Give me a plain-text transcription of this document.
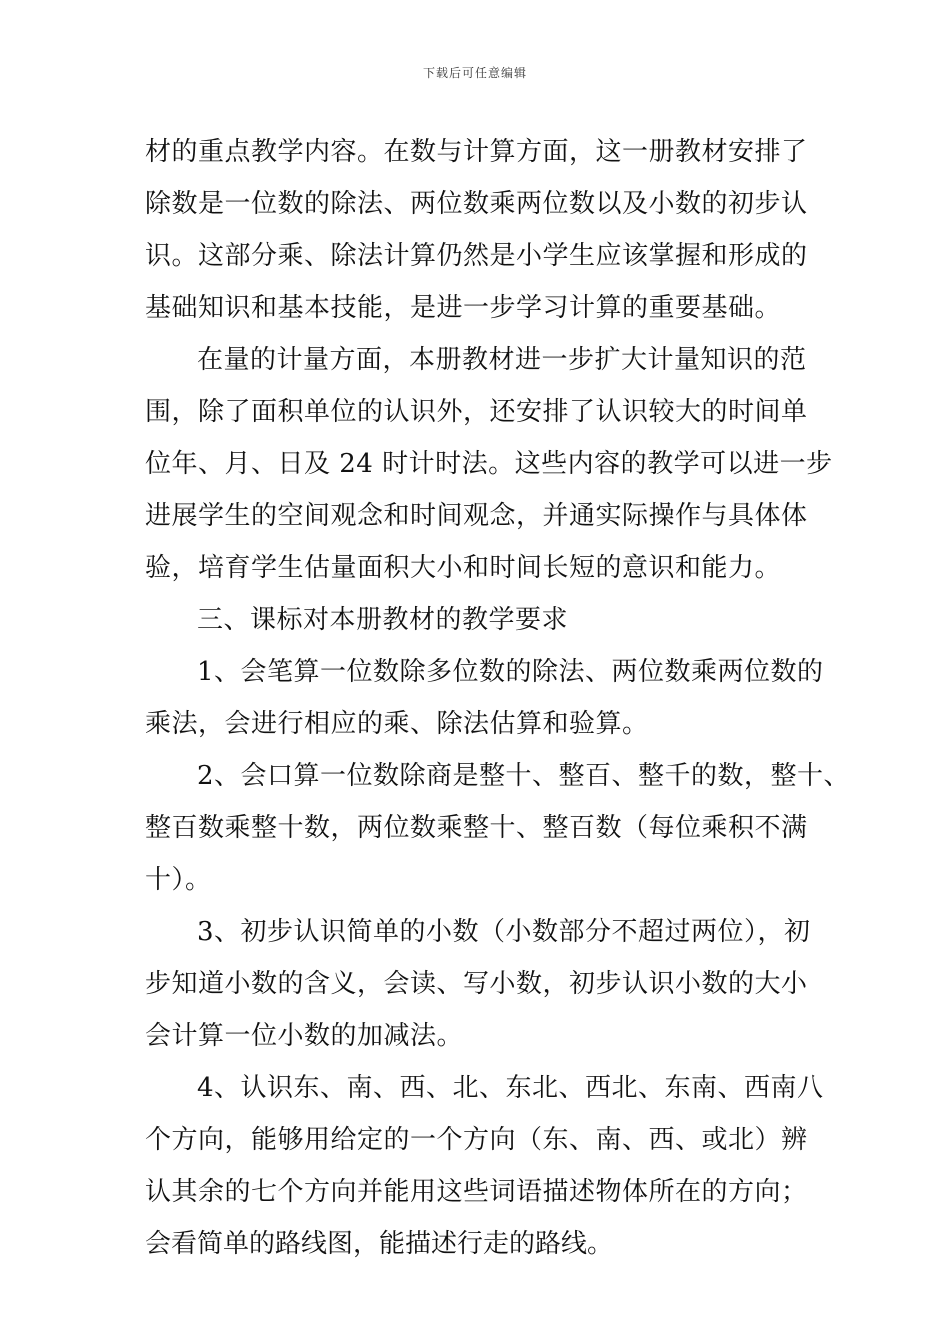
下载后可任意编辑
材的重点教学内容。在数与计算方面，这一册教材安排了
除数是一位数的除法、两位数乘两位数以及小数的初步认
识。这部分乘、除法计算仍然是小学生应该掌握和形成的
基础知识和基本技能，是进一步学习计算的重要基础。
在量的计量方面，本册教材进一步扩大计量知识的范
围，除了面积单位的认识外，还安排了认识较大的时间单
位年、月、日及 24 时计时法。这些内容的教学可以进一步
进展学生的空间观念和时间观念，并通实际操作与具体体
验，培育学生估量面积大小和时间长短的意识和能力。
三、课标对本册教材的教学要求
1、会笔算一位数除多位数的除法、两位数乘两位数的
乘法，会进行相应的乘、除法估算和验算。
2、会口算一位数除商是整十、整百、整千的数，整十、
整百数乘整十数，两位数乘整十、整百数（每位乘积不满
十）。
3、初步认识简单的小数（小数部分不超过两位），初
步知道小数的含义，会读、写小数，初步认识小数的大小
会计算一位小数的加减法。
4、认识东、南、西、北、东北、西北、东南、西南八
个方向，能够用给定的一个方向（东、南、西、或北）辨
认其余的七个方向并能用这些词语描述物体所在的方向；
会看简单的路线图，能描述行走的路线。
